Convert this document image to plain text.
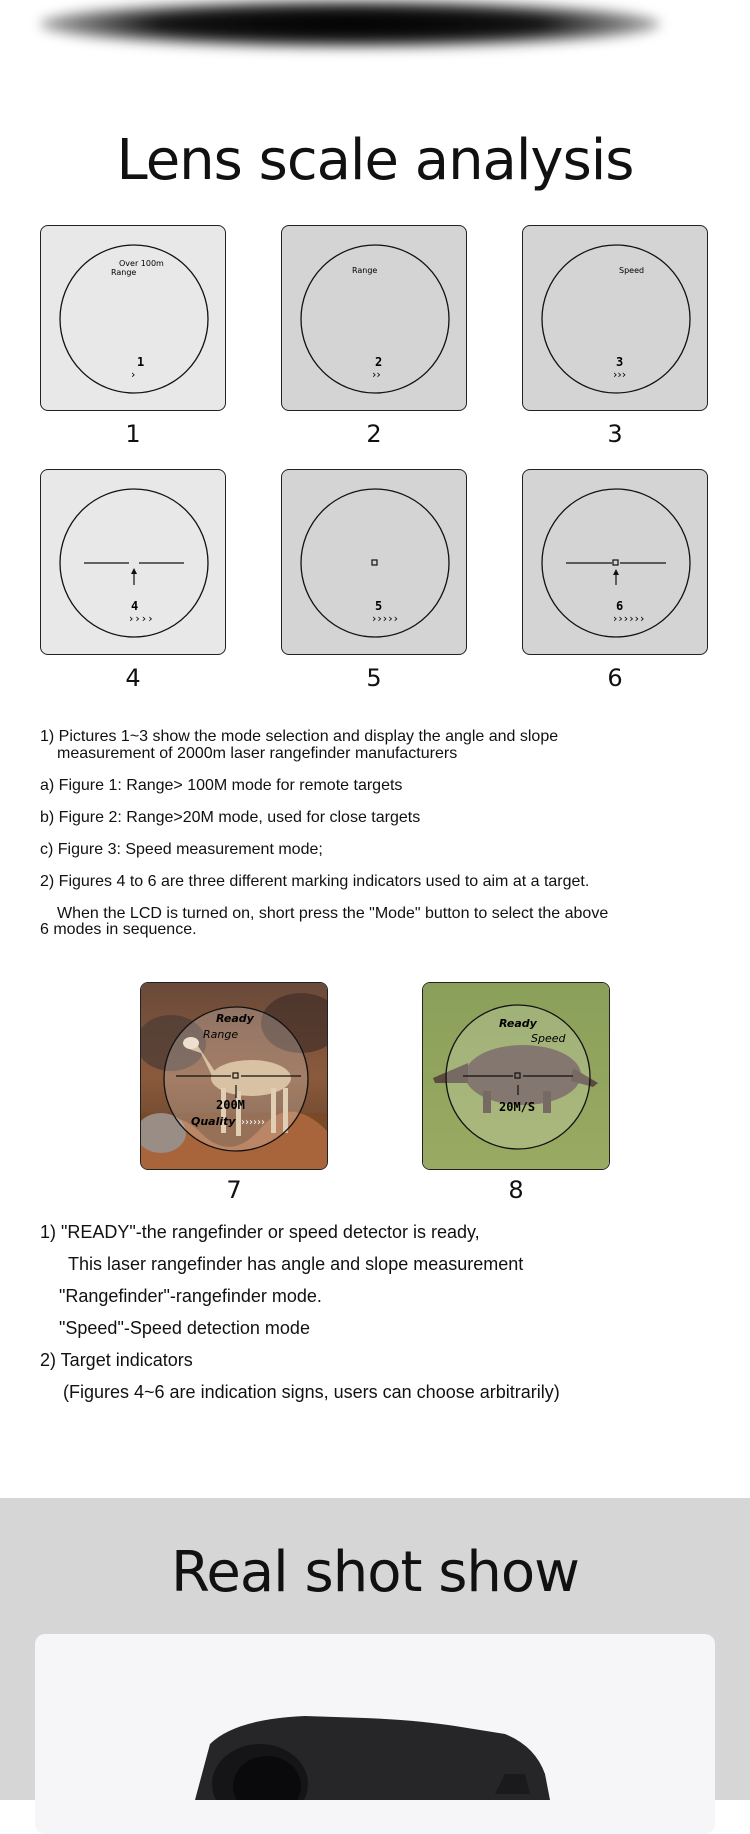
Lens scale analysis
Over 100m
Range
1
›
1
Range
2
››
2
Speed
3
›››
3
4
››››
4
5
›››››
5
6
››››››
6

1) Pictures 1~3 show the mode selection and display the angle and slope

measurement of 2000m laser rangefinder manufacturers

a) Figure 1: Range> 100M mode for remote targets

b) Figure 2: Range>20M mode, used for close targets

c) Figure 3: Speed measurement mode;

2) Figures 4 to 6 are three different marking indicators used to aim at a target.

When the LCD is turned on, short press the "Mode" button to select the above

6 modes in sequence.

Ready
Range
200M
Quality ››››››
7
Ready
Speed
20M/S
8

1) "READY"-the rangefinder or speed detector is ready,

This laser rangefinder has angle and slope measurement

"Rangefinder"-rangefinder mode.

"Speed"-Speed detection mode

2) Target indicators

(Figures 4~6 are indication signs, users can choose arbitrarily)

Real shot show
